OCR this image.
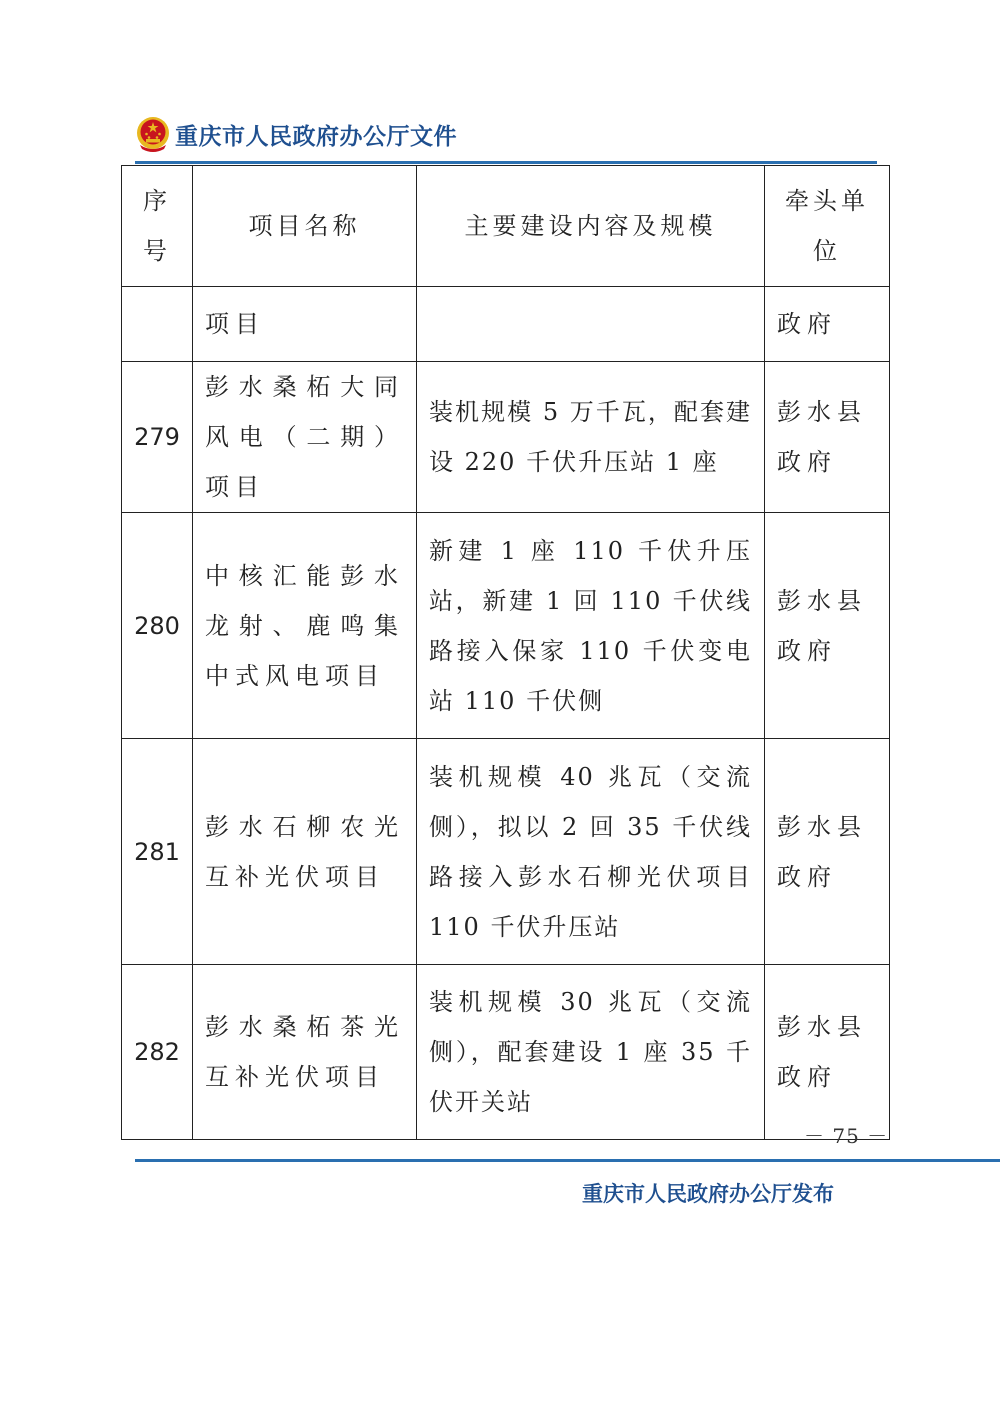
重庆市人民政府办公厅文件
序号	项目名称	主要建设内容及规模	牵头单位
	项目		政府
279	彭水桑柘大同风电（二期）项目	装机规模 5 万千瓦，配套建设 220 千伏升压站 1 座	彭水县政府
280	中核汇能彭水龙射、鹿鸣集中式风电项目	新建 1 座 110 千伏升压站，新建 1 回 110 千伏线路接入保家 110 千伏变电站 110 千伏侧	彭水县政府
281	彭水石柳农光互补光伏项目	装机规模 40 兆瓦（交流侧），拟以 2 回 35 千伏线路接入彭水石柳光伏项目 110 千伏升压站	彭水县政府
282	彭水桑柘茶光互补光伏项目	装机规模 30 兆瓦（交流侧），配套建设 1 座 35 千伏开关站	彭水县政府
－ 75 －
重庆市人民政府办公厅发布
